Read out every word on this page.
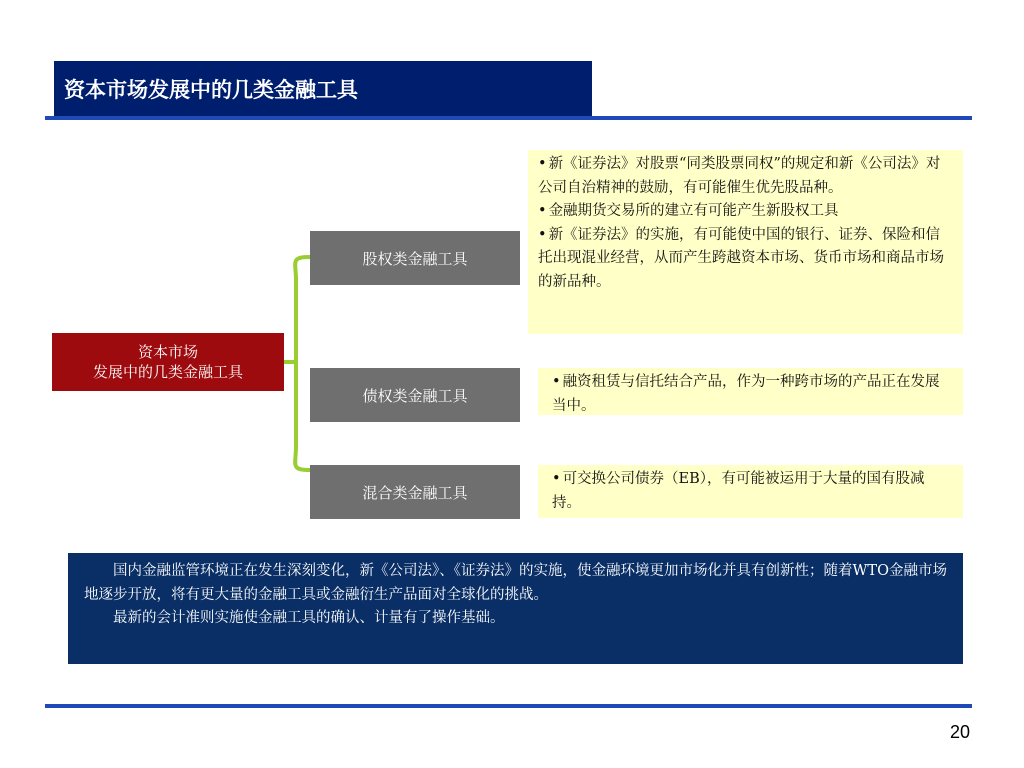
资本市场发展中的几类金融工具
资本市场
发展中的几类金融工具
股权类金融工具
债权类金融工具
混合类金融工具

• 新《证券法》对股票“同类股票同权”的规定和新《公司法》对公司自治精神的鼓励，有可能催生优先股品种。

• 金融期货交易所的建立有可能产生新股权工具

• 新《证券法》的实施，有可能使中国的银行、证券、保险和信托出现混业经营，从而产生跨越资本市场、货币市场和商品市场的新品种。

• 融资租赁与信托结合产品，作为一种跨市场的产品正在发展当中。

• 可交换公司债券（EB），有可能被运用于大量的国有股减持。

国内金融监管环境正在发生深刻变化，新《公司法》、《证券法》的实施，使金融环境更加市场化并具有创新性；随着WTO金融市场地逐步开放，将有更大量的金融工具或金融衍生产品面对全球化的挑战。

最新的会计准则实施使金融工具的确认、计量有了操作基础。

20
